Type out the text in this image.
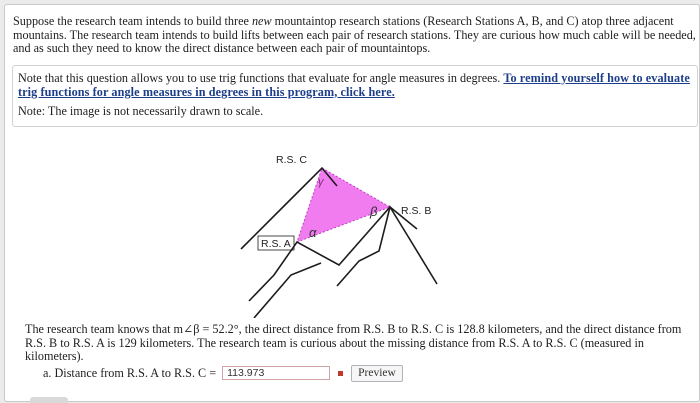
Suppose the research team intends to build three new mountaintop research stations (Research Stations A, B, and C) atop three adjacent mountains. The research team intends to build lifts between each pair of research stations. They are curious how much cable will be needed, and as such they need to know the direct distance between each pair of mountaintops.
Note that this question allows you to use trig functions that evaluate for angle measures in degrees. To remind yourself how to evaluate trig functions for angle measures in degrees in this program, click here.
Note: The image is not necessarily drawn to scale.
R.S. C
R.S. B
R.S. A
γ
β
α
The research team knows that m∠β = 52.2°, the direct distance from R.S. B to R.S. C is 128.8 kilometers, and the direct distance from R.S. B to R.S. A is 129 kilometers. The research team is curious about the missing distance from R.S. A to R.S. C (measured in kilometers).
a. Distance from R.S. A to R.S. C =	113.973	Preview
